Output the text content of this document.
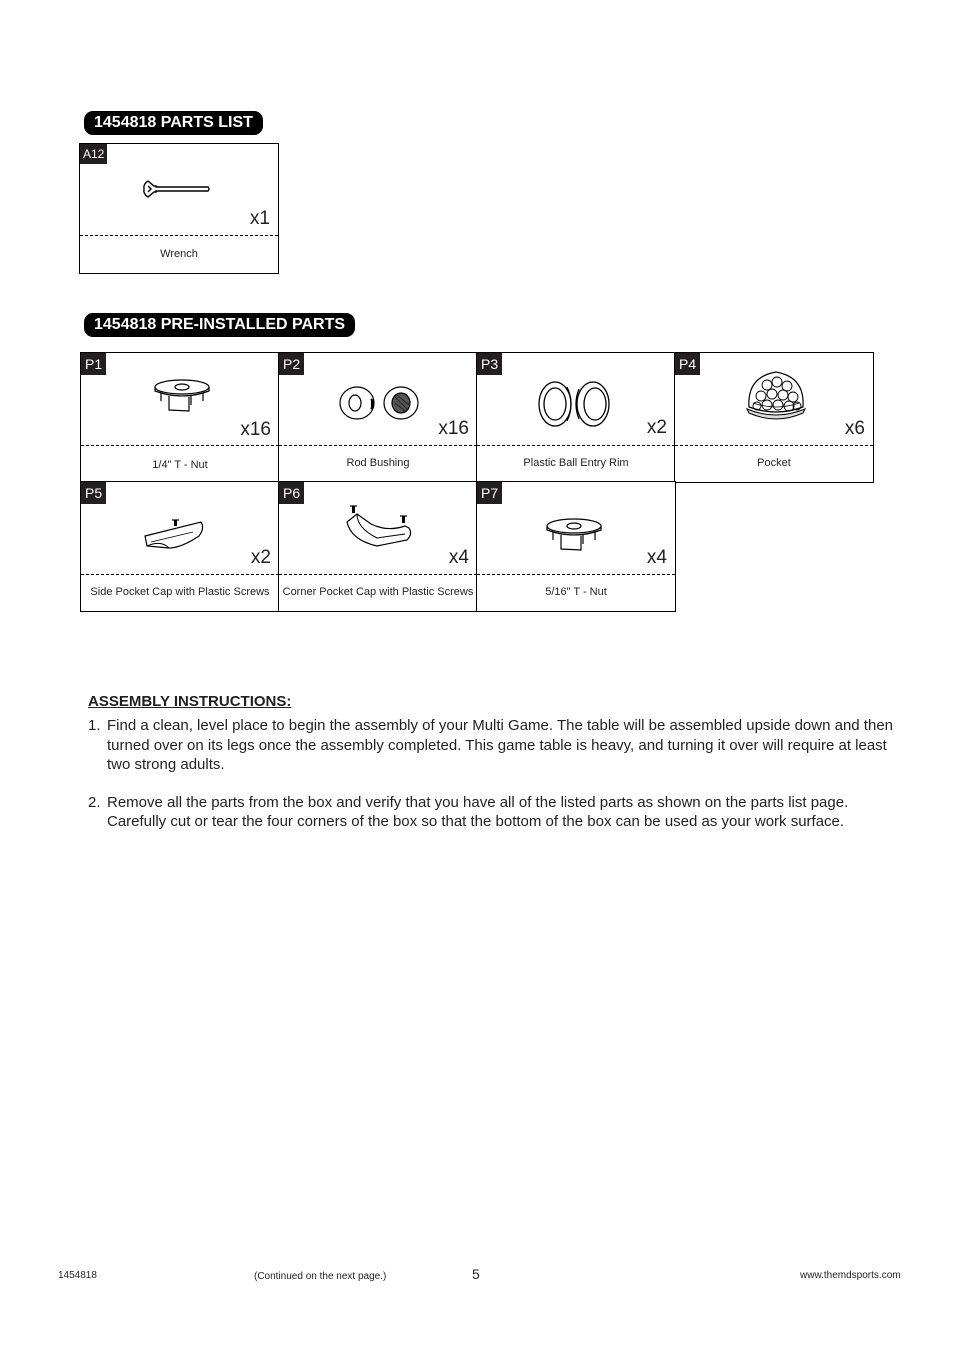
1454818 PARTS LIST
A12
x1
Wrench
1454818 PRE-INSTALLED PARTS
P1
x16
1/4" T - Nut
P2
x16
Rod Bushing
P3
x2
Plastic Ball Entry Rim
P4
x6
Pocket
P5
x2
Side Pocket Cap with Plastic Screws
P6
x4
Corner Pocket Cap with Plastic Screws
P7
x4
5/16" T - Nut
ASSEMBLY INSTRUCTIONS:
1. Find a clean, level place to begin the assembly of your Multi Game. The table will be assembled upside down and then turned over on its legs once the assembly completed. This game table is heavy, and turning it over will require at least two strong adults.
2. Remove all the parts from the box and verify that you have all of the listed parts as shown on the parts list page. Carefully cut or tear the four corners of the box so that the bottom of the box can be used as your work surface.
1454818	(Continued on the next page.)	5	www.themdsports.com
